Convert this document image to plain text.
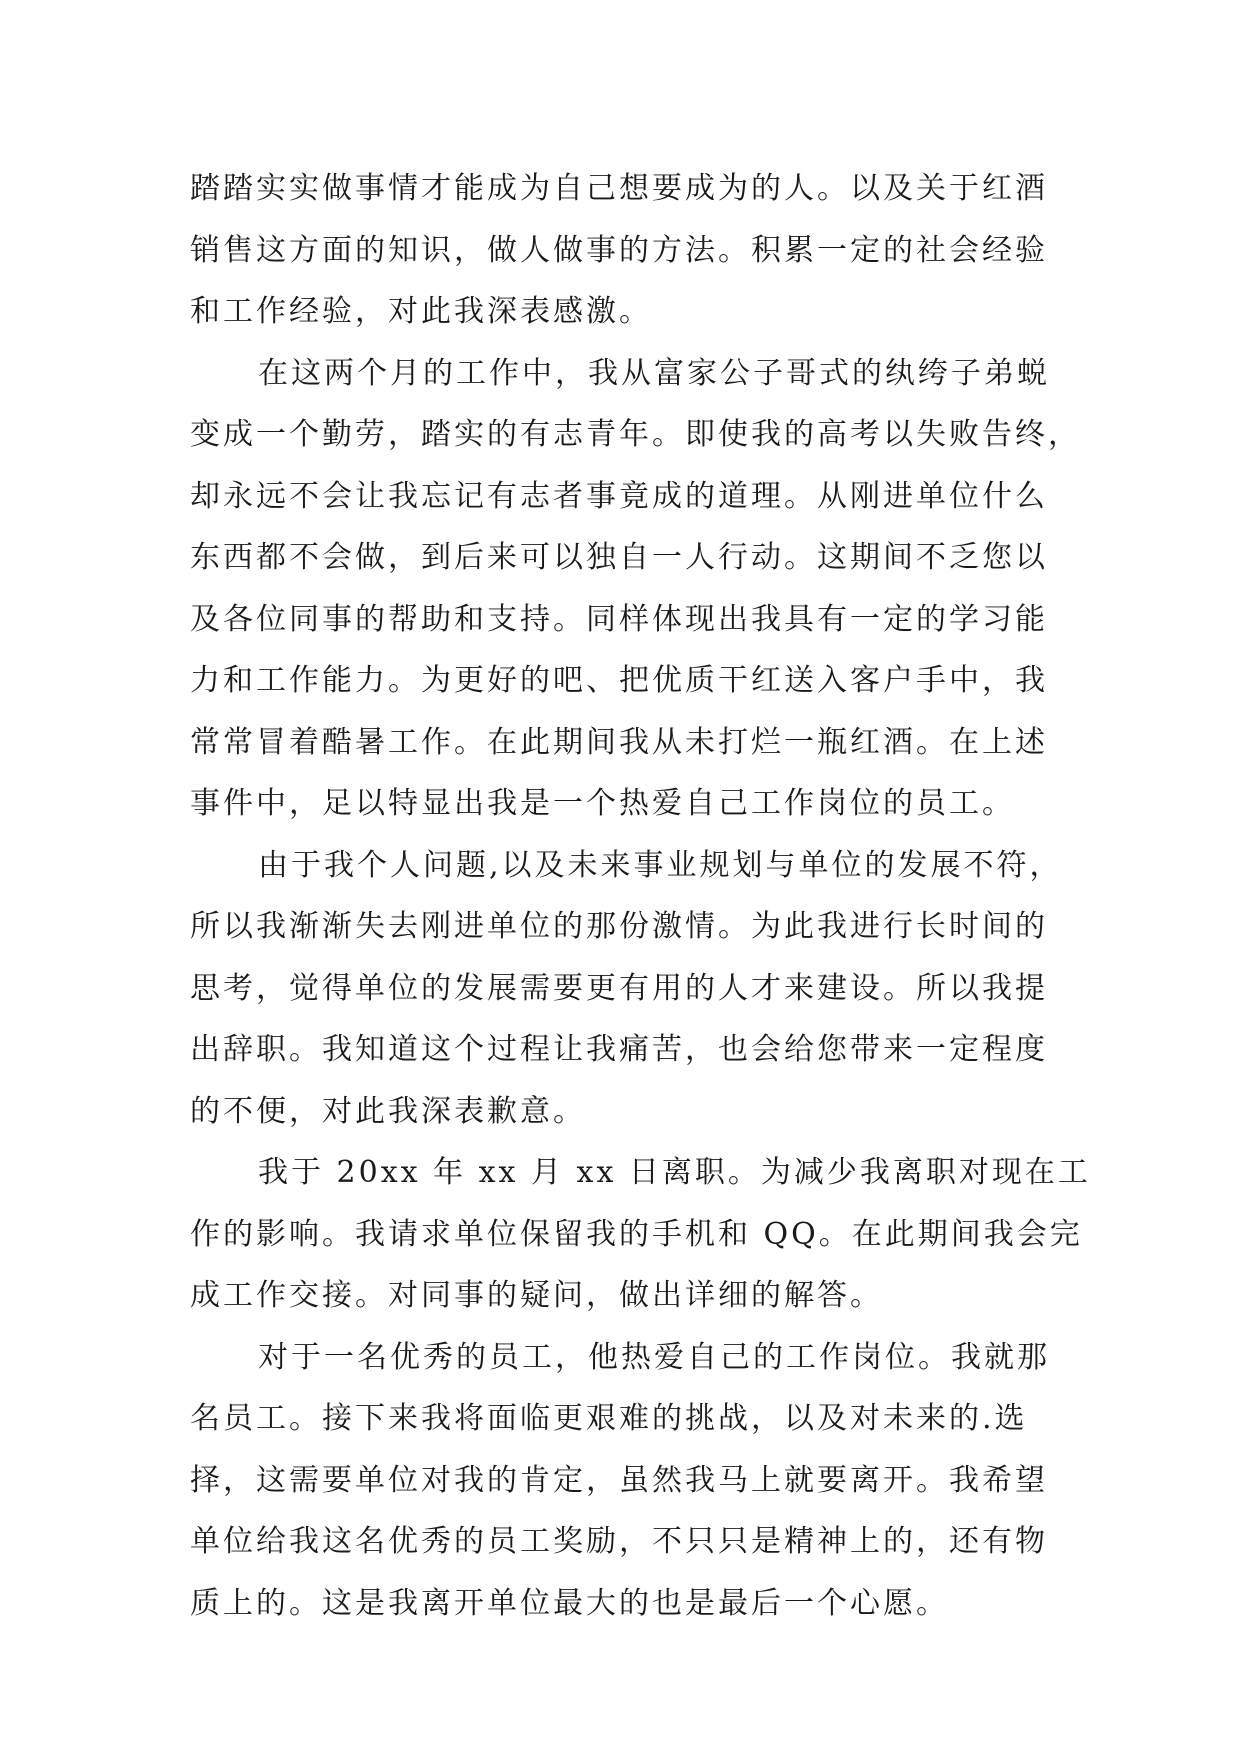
踏踏实实做事情才能成为自己想要成为的人。以及关于红酒
销售这方面的知识，做人做事的方法。积累一定的社会经验
和工作经验，对此我深表感激。
在这两个月的工作中，我从富家公子哥式的纨绔子弟蜕
变成一个勤劳，踏实的有志青年。即使我的高考以失败告终，
却永远不会让我忘记有志者事竟成的道理。从刚进单位什么
东西都不会做，到后来可以独自一人行动。这期间不乏您以
及各位同事的帮助和支持。同样体现出我具有一定的学习能
力和工作能力。为更好的吧、把优质干红送入客户手中，我
常常冒着酷暑工作。在此期间我从未打烂一瓶红酒。在上述
事件中，足以特显出我是一个热爱自己工作岗位的员工。
由于我个人问题,以及未来事业规划与单位的发展不符，
所以我渐渐失去刚进单位的那份激情。为此我进行长时间的
思考，觉得单位的发展需要更有用的人才来建设。所以我提
出辞职。我知道这个过程让我痛苦，也会给您带来一定程度
的不便，对此我深表歉意。
我于 20xx 年 xx 月 xx 日离职。为减少我离职对现在工
作的影响。我请求单位保留我的手机和 QQ。在此期间我会完
成工作交接。对同事的疑问，做出详细的解答。
对于一名优秀的员工，他热爱自己的工作岗位。我就那
名员工。接下来我将面临更艰难的挑战，以及对未来的.选
择，这需要单位对我的肯定，虽然我马上就要离开。我希望
单位给我这名优秀的员工奖励，不只只是精神上的，还有物
质上的。这是我离开单位最大的也是最后一个心愿。
